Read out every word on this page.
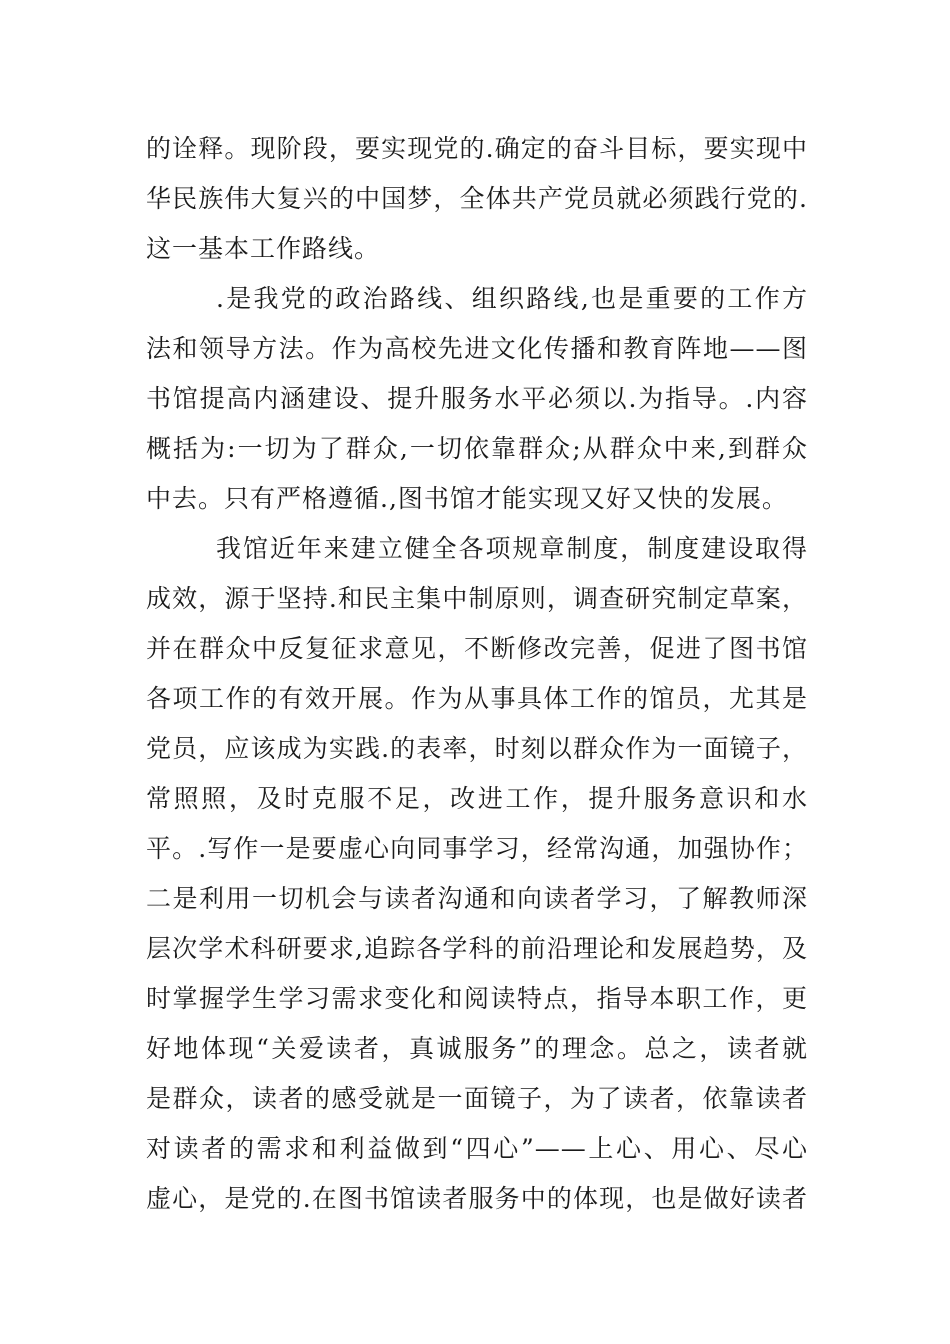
的诠释。现阶段，要实现党的.确定的奋斗目标，要实现中
华民族伟大复兴的中国梦，全体共产党员就必须践行党的.
这一基本工作路线。
.是我党的政治路线、组织路线,也是重要的工作方
法和领导方法。作为高校先进文化传播和教育阵地——图
书馆提高内涵建设、提升服务水平必须以.为指导。.内容
概括为:一切为了群众,一切依靠群众;从群众中来,到群众
中去。只有严格遵循.,图书馆才能实现又好又快的发展。
我馆近年来建立健全各项规章制度，制度建设取得
成效，源于坚持.和民主集中制原则，调查研究制定草案，
并在群众中反复征求意见，不断修改完善，促进了图书馆
各项工作的有效开展。作为从事具体工作的馆员，尤其是
党员，应该成为实践.的表率，时刻以群众作为一面镜子，
常照照，及时克服不足，改进工作，提升服务意识和水
平。.写作一是要虚心向同事学习，经常沟通，加强协作；
二是利用一切机会与读者沟通和向读者学习，了解教师深
层次学术科研要求,追踪各学科的前沿理论和发展趋势，及
时掌握学生学习需求变化和阅读特点，指导本职工作，更
好地体现“关爱读者，真诚服务”的理念。总之，读者就
是群众，读者的感受就是一面镜子，为了读者，依靠读者
对读者的需求和利益做到“四心”——上心、用心、尽心
虚心，是党的.在图书馆读者服务中的体现，也是做好读者
